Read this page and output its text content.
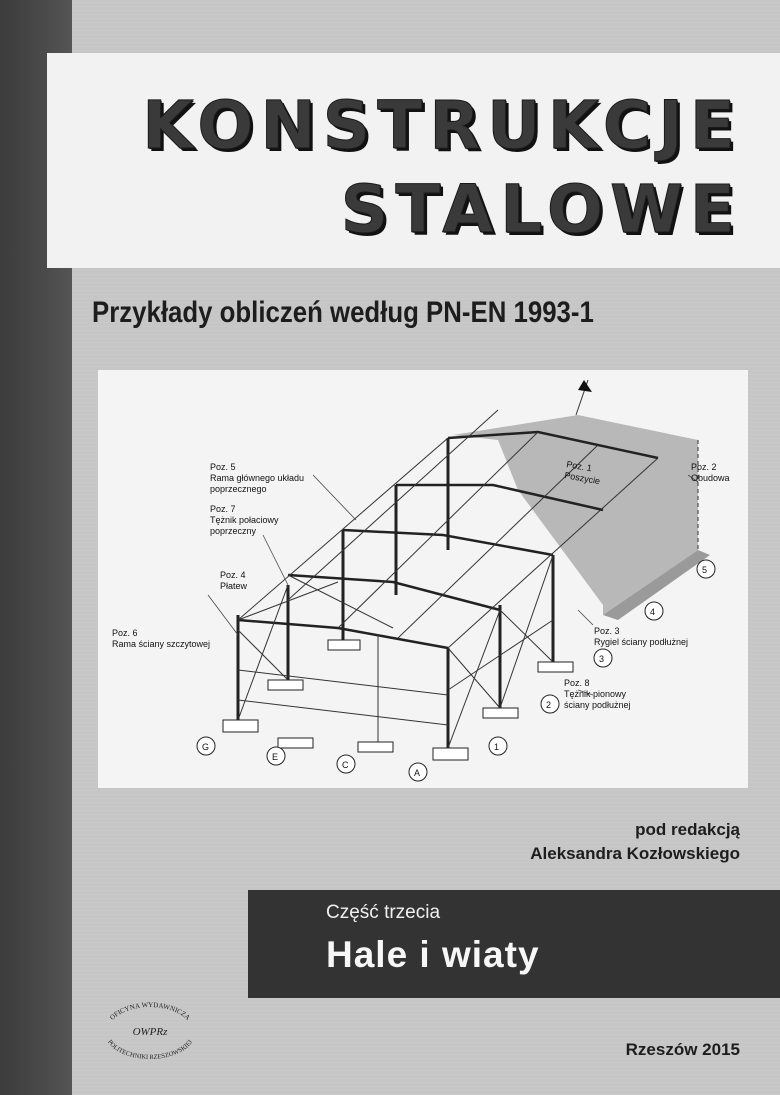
KONSTRUKCJE
STALOWE
Przykłady obliczeń według PN-EN 1993-1
1
2
3
4
5
G
E
C
A
Poz. 5
Rama głównego układu
poprzecznego
Poz. 7
Tężnik połaciowy
poprzeczny
Poz. 4
Płatew
Poz. 6
Rama ściany szczytowej
Poz. 1
Poszycie
Poz. 2
Obudowa
Poz. 3
Rygiel ściany podłużnej
Poz. 8
Tężnik pionowy
ściany podłużnej
pod redakcją
Aleksandra Kozłowskiego
Część trzecia
Hale i wiaty
OFICYNA WYDAWNICZA
POLITECHNIKI RZESZOWSKIEJ
OWPRz
Rzeszów 2015
